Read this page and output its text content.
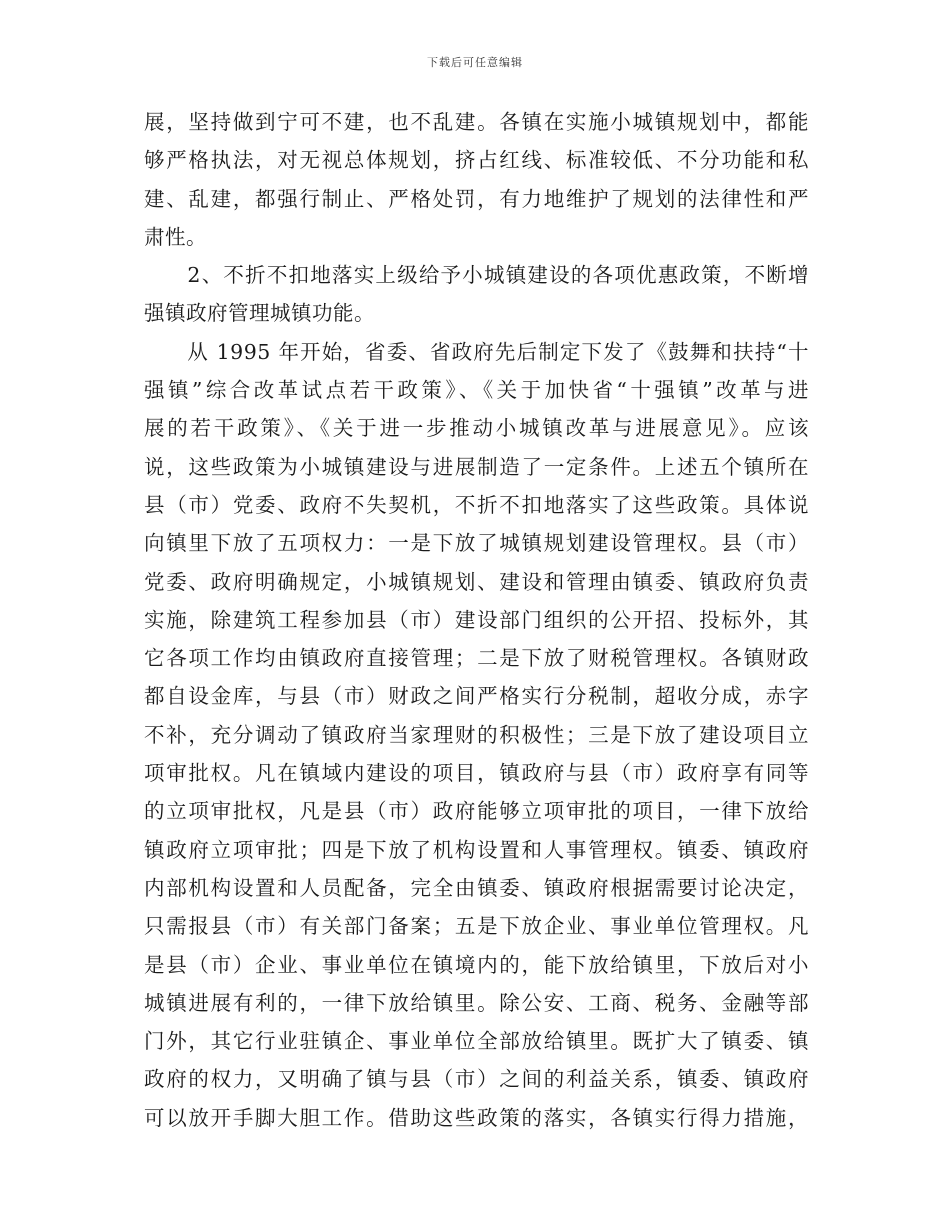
下载后可任意编辑
展，坚持做到宁可不建，也不乱建。各镇在实施小城镇规划中，都能
够严格执法，对无视总体规划，挤占红线、标准较低、不分功能和私
建、乱建，都强行制止、严格处罚，有力地维护了规划的法律性和严
肃性。
　　2、不折不扣地落实上级给予小城镇建设的各项优惠政策，不断增
强镇政府管理城镇功能。
　　从 1995 年开始，省委、省政府先后制定下发了《鼓舞和扶持“十
强镇”综合改革试点若干政策》、《关于加快省“十强镇”改革与进
展的若干政策》、《关于进一步推动小城镇改革与进展意见》。应该
说，这些政策为小城镇建设与进展制造了一定条件。上述五个镇所在
县（市）党委、政府不失契机，不折不扣地落实了这些政策。具体说
向镇里下放了五项权力：一是下放了城镇规划建设管理权。县（市）
党委、政府明确规定，小城镇规划、建设和管理由镇委、镇政府负责
实施，除建筑工程参加县（市）建设部门组织的公开招、投标外，其
它各项工作均由镇政府直接管理；二是下放了财税管理权。各镇财政
都自设金库，与县（市）财政之间严格实行分税制，超收分成，赤字
不补，充分调动了镇政府当家理财的积极性；三是下放了建设项目立
项审批权。凡在镇域内建设的项目，镇政府与县（市）政府享有同等
的立项审批权，凡是县（市）政府能够立项审批的项目，一律下放给
镇政府立项审批；四是下放了机构设置和人事管理权。镇委、镇政府
内部机构设置和人员配备，完全由镇委、镇政府根据需要讨论决定，
只需报县（市）有关部门备案；五是下放企业、事业单位管理权。凡
是县（市）企业、事业单位在镇境内的，能下放给镇里，下放后对小
城镇进展有利的，一律下放给镇里。除公安、工商、税务、金融等部
门外，其它行业驻镇企、事业单位全部放给镇里。既扩大了镇委、镇
政府的权力，又明确了镇与县（市）之间的利益关系，镇委、镇政府
可以放开手脚大胆工作。借助这些政策的落实，各镇实行得力措施，
